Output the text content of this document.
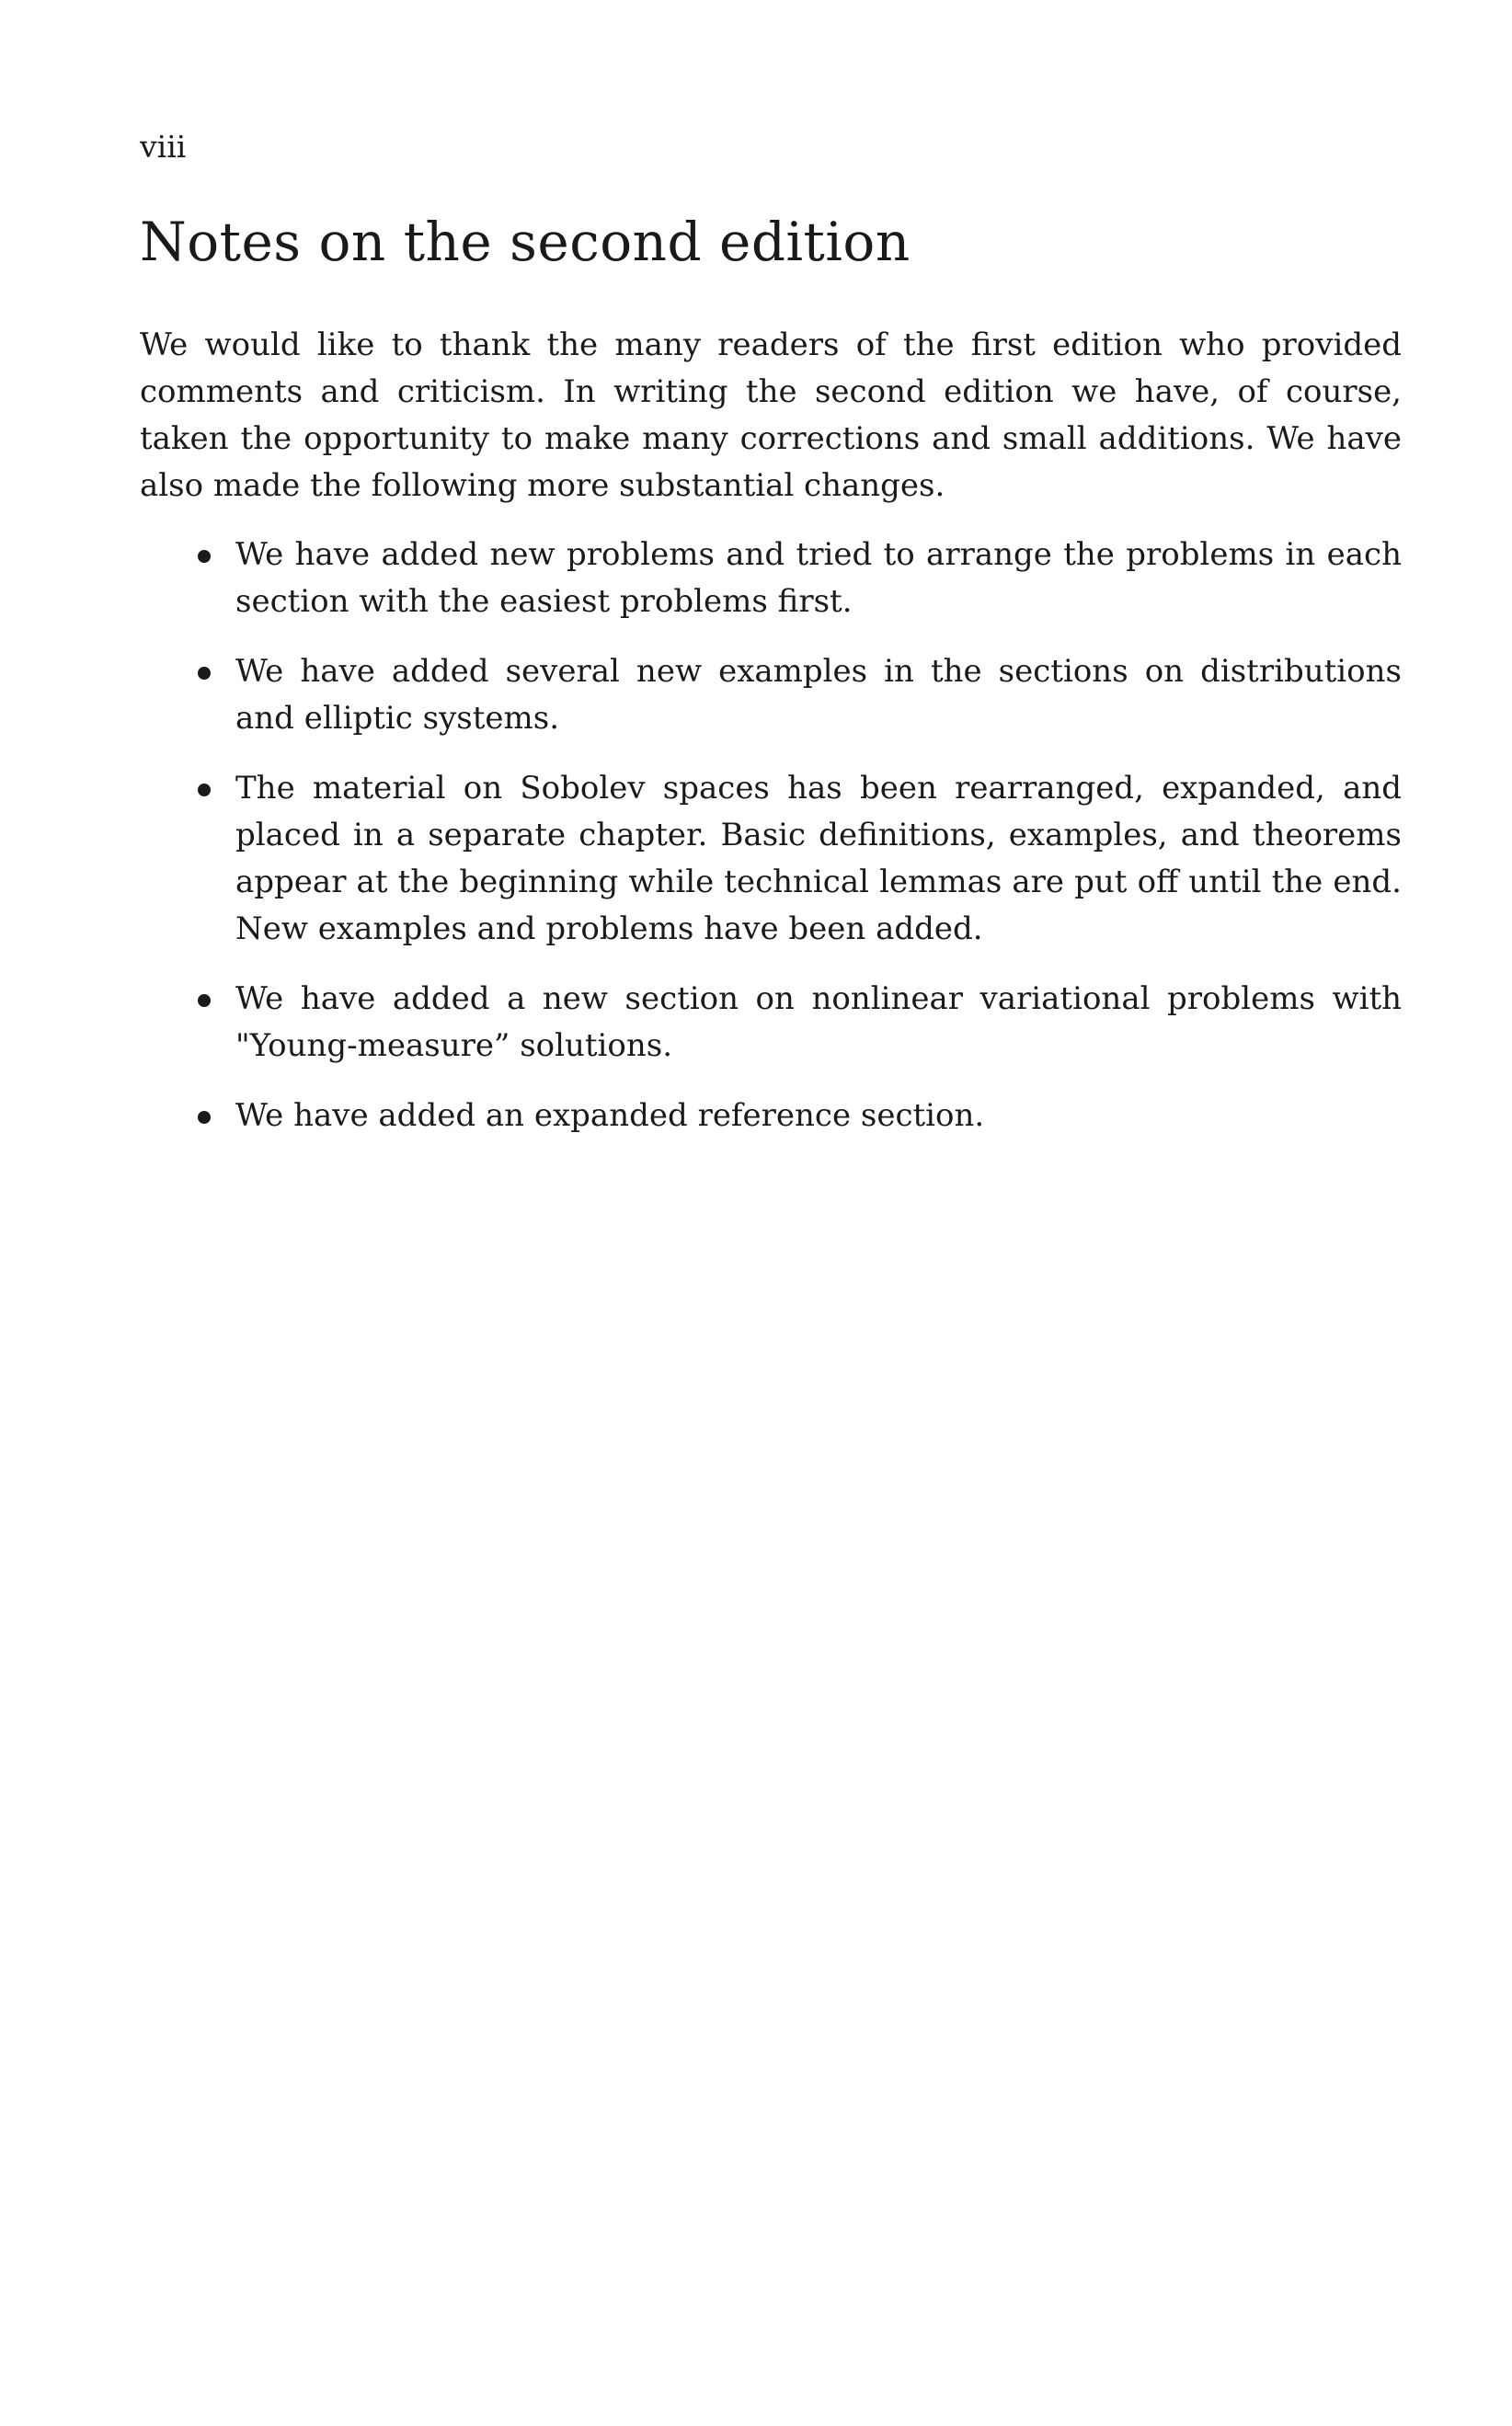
viii

Notes on the second edition

We would like to thank the many readers of the first edition who provided comments and criticism. In writing the second edition we have, of course, taken the opportunity to make many corrections and small additions. We have also made the following more substantial changes.

We have added new problems and tried to arrange the problems in each section with the easiest problems first.
We have added several new examples in the sections on distributions and elliptic systems.
The material on Sobolev spaces has been rearranged, expanded, and placed in a separate chapter. Basic definitions, examples, and theorems appear at the beginning while technical lemmas are put off until the end. New examples and problems have been added.
We have added a new section on nonlinear variational problems with "Young-measure” solutions.
We have added an expanded reference section.
